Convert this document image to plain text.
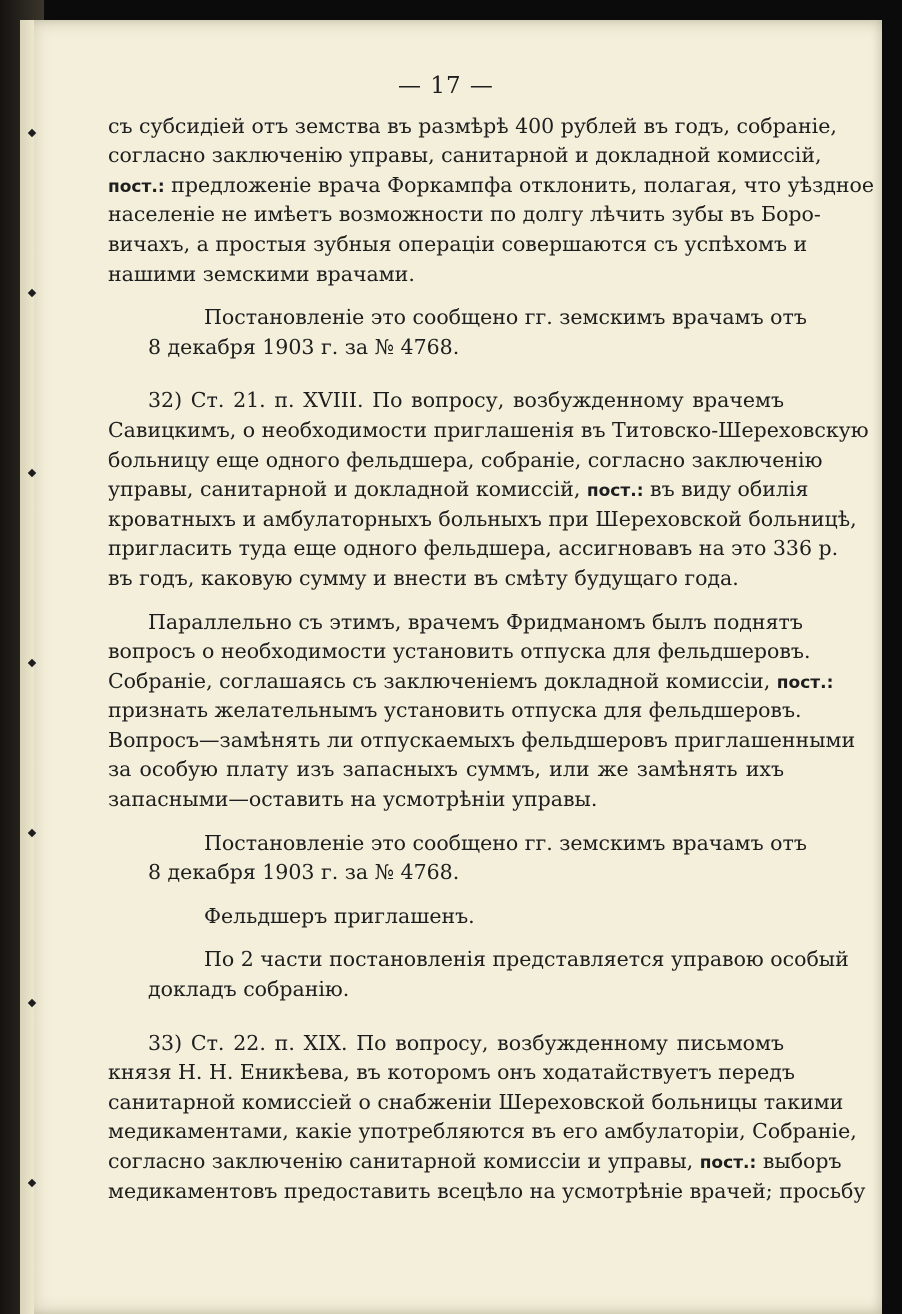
— 17 —
съ субсидіей отъ земства въ размѣрѣ 400 рублей въ годъ, собраніе,
согласно заключенію управы, санитарной и докладной комиссій,
пост.: предложеніе врача Форкампфа отклонить, полагая, что уѣздное
населеніе не имѣетъ возможности по долгу лѣчить зубы въ Боро-
вичахъ, а простыя зубныя операціи совершаются съ успѣхомъ и
нашими земскими врачами.
Постановленіе это сообщено гг. земскимъ врачамъ отъ
8 декабря 1903 г. за № 4768.
32) Ст. 21. п. XVIII. По вопросу, возбужденному врачемъ
Савицкимъ, о необходимости приглашенія въ Титовско-Шереховскую
больницу еще одного фельдшера, собраніе, согласно заключенію
управы, санитарной и докладной комиссій, пост.: въ виду обилія
кроватныхъ и амбулаторныхъ больныхъ при Шереховской больницѣ,
пригласить туда еще одного фельдшера, ассигновавъ на это 336 р.
въ годъ, каковую сумму и внести въ смѣту будущаго года.
Параллельно съ этимъ, врачемъ Фридманомъ былъ поднятъ
вопросъ о необходимости установить отпуска для фельдшеровъ.
Собраніе, соглашаясь съ заключеніемъ докладной комиссіи, пост.:
признать желательнымъ установить отпуска для фельдшеровъ.
Вопросъ—замѣнять ли отпускаемыхъ фельдшеровъ приглашенными
за особую плату изъ запасныхъ суммъ, или же замѣнять ихъ
запасными—оставить на усмотрѣніи управы.
Постановленіе это сообщено гг. земскимъ врачамъ отъ
8 декабря 1903 г. за № 4768.
Фельдшеръ приглашенъ.
По 2 части постановленія представляется управою особый
докладъ собранію.
33) Ст. 22. п. XIX. По вопросу, возбужденному письмомъ
князя Н. Н. Еникѣева, въ которомъ онъ ходатайствуетъ передъ
санитарной комиссіей о снабженіи Шереховской больницы такими
медикаментами, какіе употребляются въ его амбулаторіи, Собраніе,
согласно заключенію санитарной комиссіи и управы, пост.: выборъ
медикаментовъ предоставить всецѣло на усмотрѣніе врачей; просьбу
